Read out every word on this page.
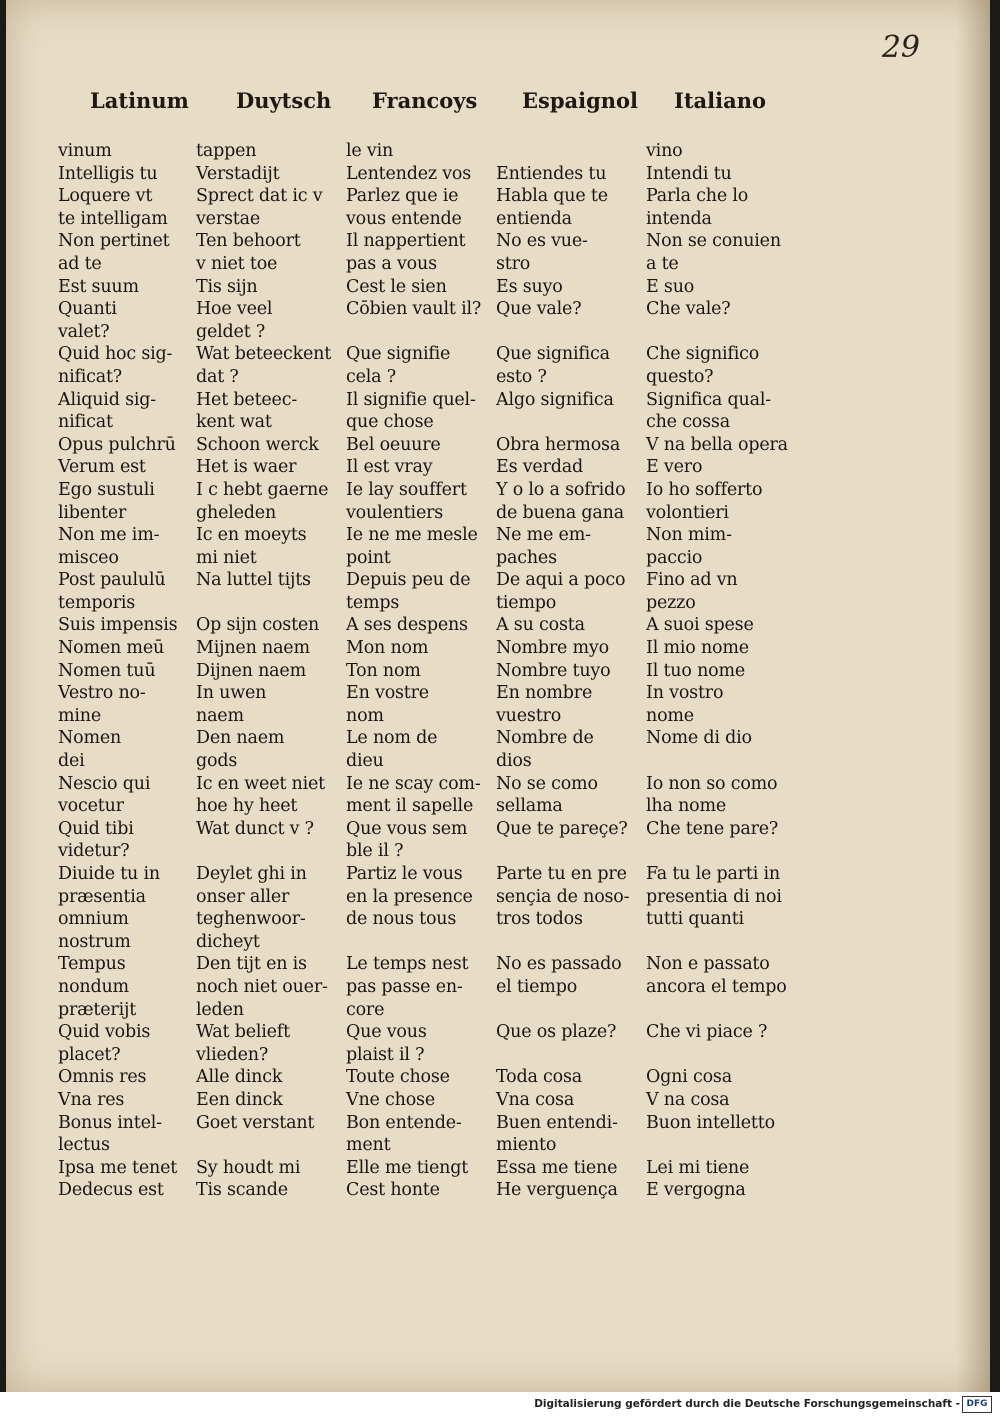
29
Latinum Duytsch Francoys Espaignol Italiano
vinum
Intelligis tu
Loquere vt
te intelligam
Non pertinet
ad te
Est suum
Quanti
valet?
Quid hoc sig-
nificat?
Aliquid sig-
nificat
Opus pulchrū
Verum est
Ego sustuli
libenter
Non me im-
misceo
Post paululū
temporis
Suis impensis
Nomen meū
Nomen tuū
Vestro no-
mine
Nomen
dei
Nescio qui
vocetur
Quid tibi
videtur?
Diuide tu in
præsentia
omnium
nostrum
Tempus
nondum
præterijt
Quid vobis
placet?
Omnis res
Vna res
Bonus intel-
lectus
Ipsa me tenet
Dedecus est
tappen
Verstadijt
Sprect dat ic v
verstae
Ten behoort
v niet toe
Tis sijn
Hoe veel
geldet ?
Wat beteeckent
dat ?
Het beteec-
kent wat
Schoon werck
Het is waer
I c hebt gaerne
gheleden
Ic en moeyts
mi niet
Na luttel tijts
Op sijn costen
Mijnen naem
Dijnen naem
In uwen
naem
Den naem
gods
Ic en weet niet
hoe hy heet
Wat dunct v ?
Deylet ghi in
onser aller
teghenwoor-
dicheyt
Den tijt en is
noch niet ouer-
leden
Wat belieft
vlieden?
Alle dinck
Een dinck
Goet verstant
Sy houdt mi
Tis scande
le vin
Lentendez vos
Parlez que ie
vous entende
Il nappertient
pas a vous
Cest le sien
Cōbien vault il?
Que signifie
cela ?
Il signifie quel-
que chose
Bel oeuure
Il est vray
Ie lay souffert
voulentiers
Ie ne me mesle
point
Depuis peu de
temps
A ses despens
Mon nom
Ton nom
En vostre
nom
Le nom de
dieu
Ie ne scay com-
ment il sapelle
Que vous sem
ble il ?
Partiz le vous
en la presence
de nous tous
Le temps nest
pas passe en-
core
Que vous
plaist il ?
Toute chose
Vne chose
Bon entende-
ment
Elle me tiengt
Cest honte
Entiendes tu
Habla que te
entienda
No es vue-
stro
Es suyo
Que vale?
Que significa
esto ?
Algo significa
Obra hermosa
Es verdad
Y o lo a sofrido
de buena gana
Ne me em-
paches
De aqui a poco
tiempo
A su costa
Nombre myo
Nombre tuyo
En nombre
vuestro
Nombre de
dios
No se como
sellama
Que te pareçe?
Parte tu en pre
sençia de noso-
tros todos
No es passado
el tiempo
Que os plaze?
Toda cosa
Vna cosa
Buen entendi-
miento
Essa me tiene
He verguença
vino
Intendi tu
Parla che lo
intenda
Non se conuien
a te
E suo
Che vale?
Che significo
questo?
Significa qual-
che cossa
V na bella opera
E vero
Io ho sofferto
volontieri
Non mim-
paccio
Fino ad vn
pezzo
A suoi spese
Il mio nome
Il tuo nome
In vostro
nome
Nome di dio
Io non so como
lha nome
Che tene pare?
Fa tu le parti in
presentia di noi
tutti quanti
Non e passato
ancora el tempo
Che vi piace ?
Ogni cosa
V na cosa
Buon intelletto
Lei mi tiene
E vergogna
Digitalisierung gefördert durch die Deutsche Forschungsgemeinschaft - DFG
